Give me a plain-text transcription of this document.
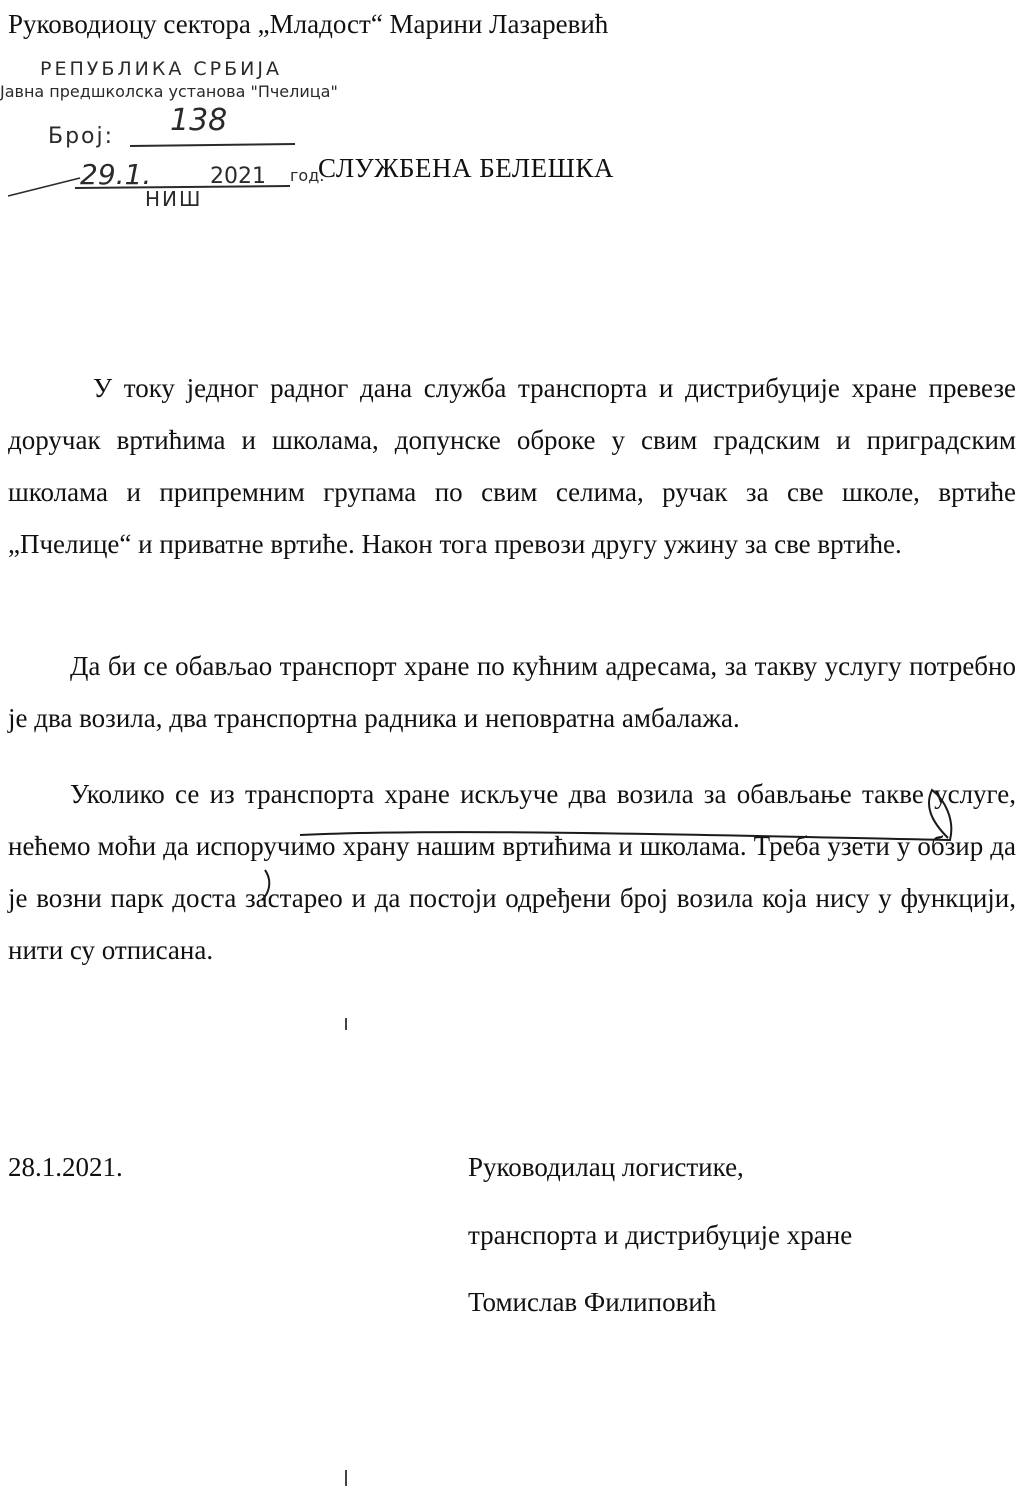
Руководиоцу сектора „Младост“ Марини Лазаревић
РЕПУБЛИКА СРБИЈА
Јавна предшколска установа "Пчелица"
Број: 138
29.1.	2021 год.
НИШ
СЛУЖБЕНА БЕЛЕШКА

У току једног радног дана служба транспорта и дистрибуције хране превезе доручак вртићима и школама, допунске оброке у свим градским и приградским школама и припремним групама по свим селима, ручак за све школе, вртиће „Пчелице“ и приватне вртиће. Након тога превози другу ужину за све вртиће.

Да би се обављао транспорт хране по кућним адресама, за такву услугу потребно је два возила, два транспортна радника и неповратна амбалажа.

Уколико се из транспорта хране искључе два возила за обављање такве услуге, нећемо моћи да испоручимо храну нашим вртићима и школама. Треба узети у обзир да је возни парк доста застарео и да постоји одређени број возила која нису у функцији, нити су отписана.

28.1.2021.	Руководилац логистике,
транспорта и дистрибуције хране
Томислав Филиповић
